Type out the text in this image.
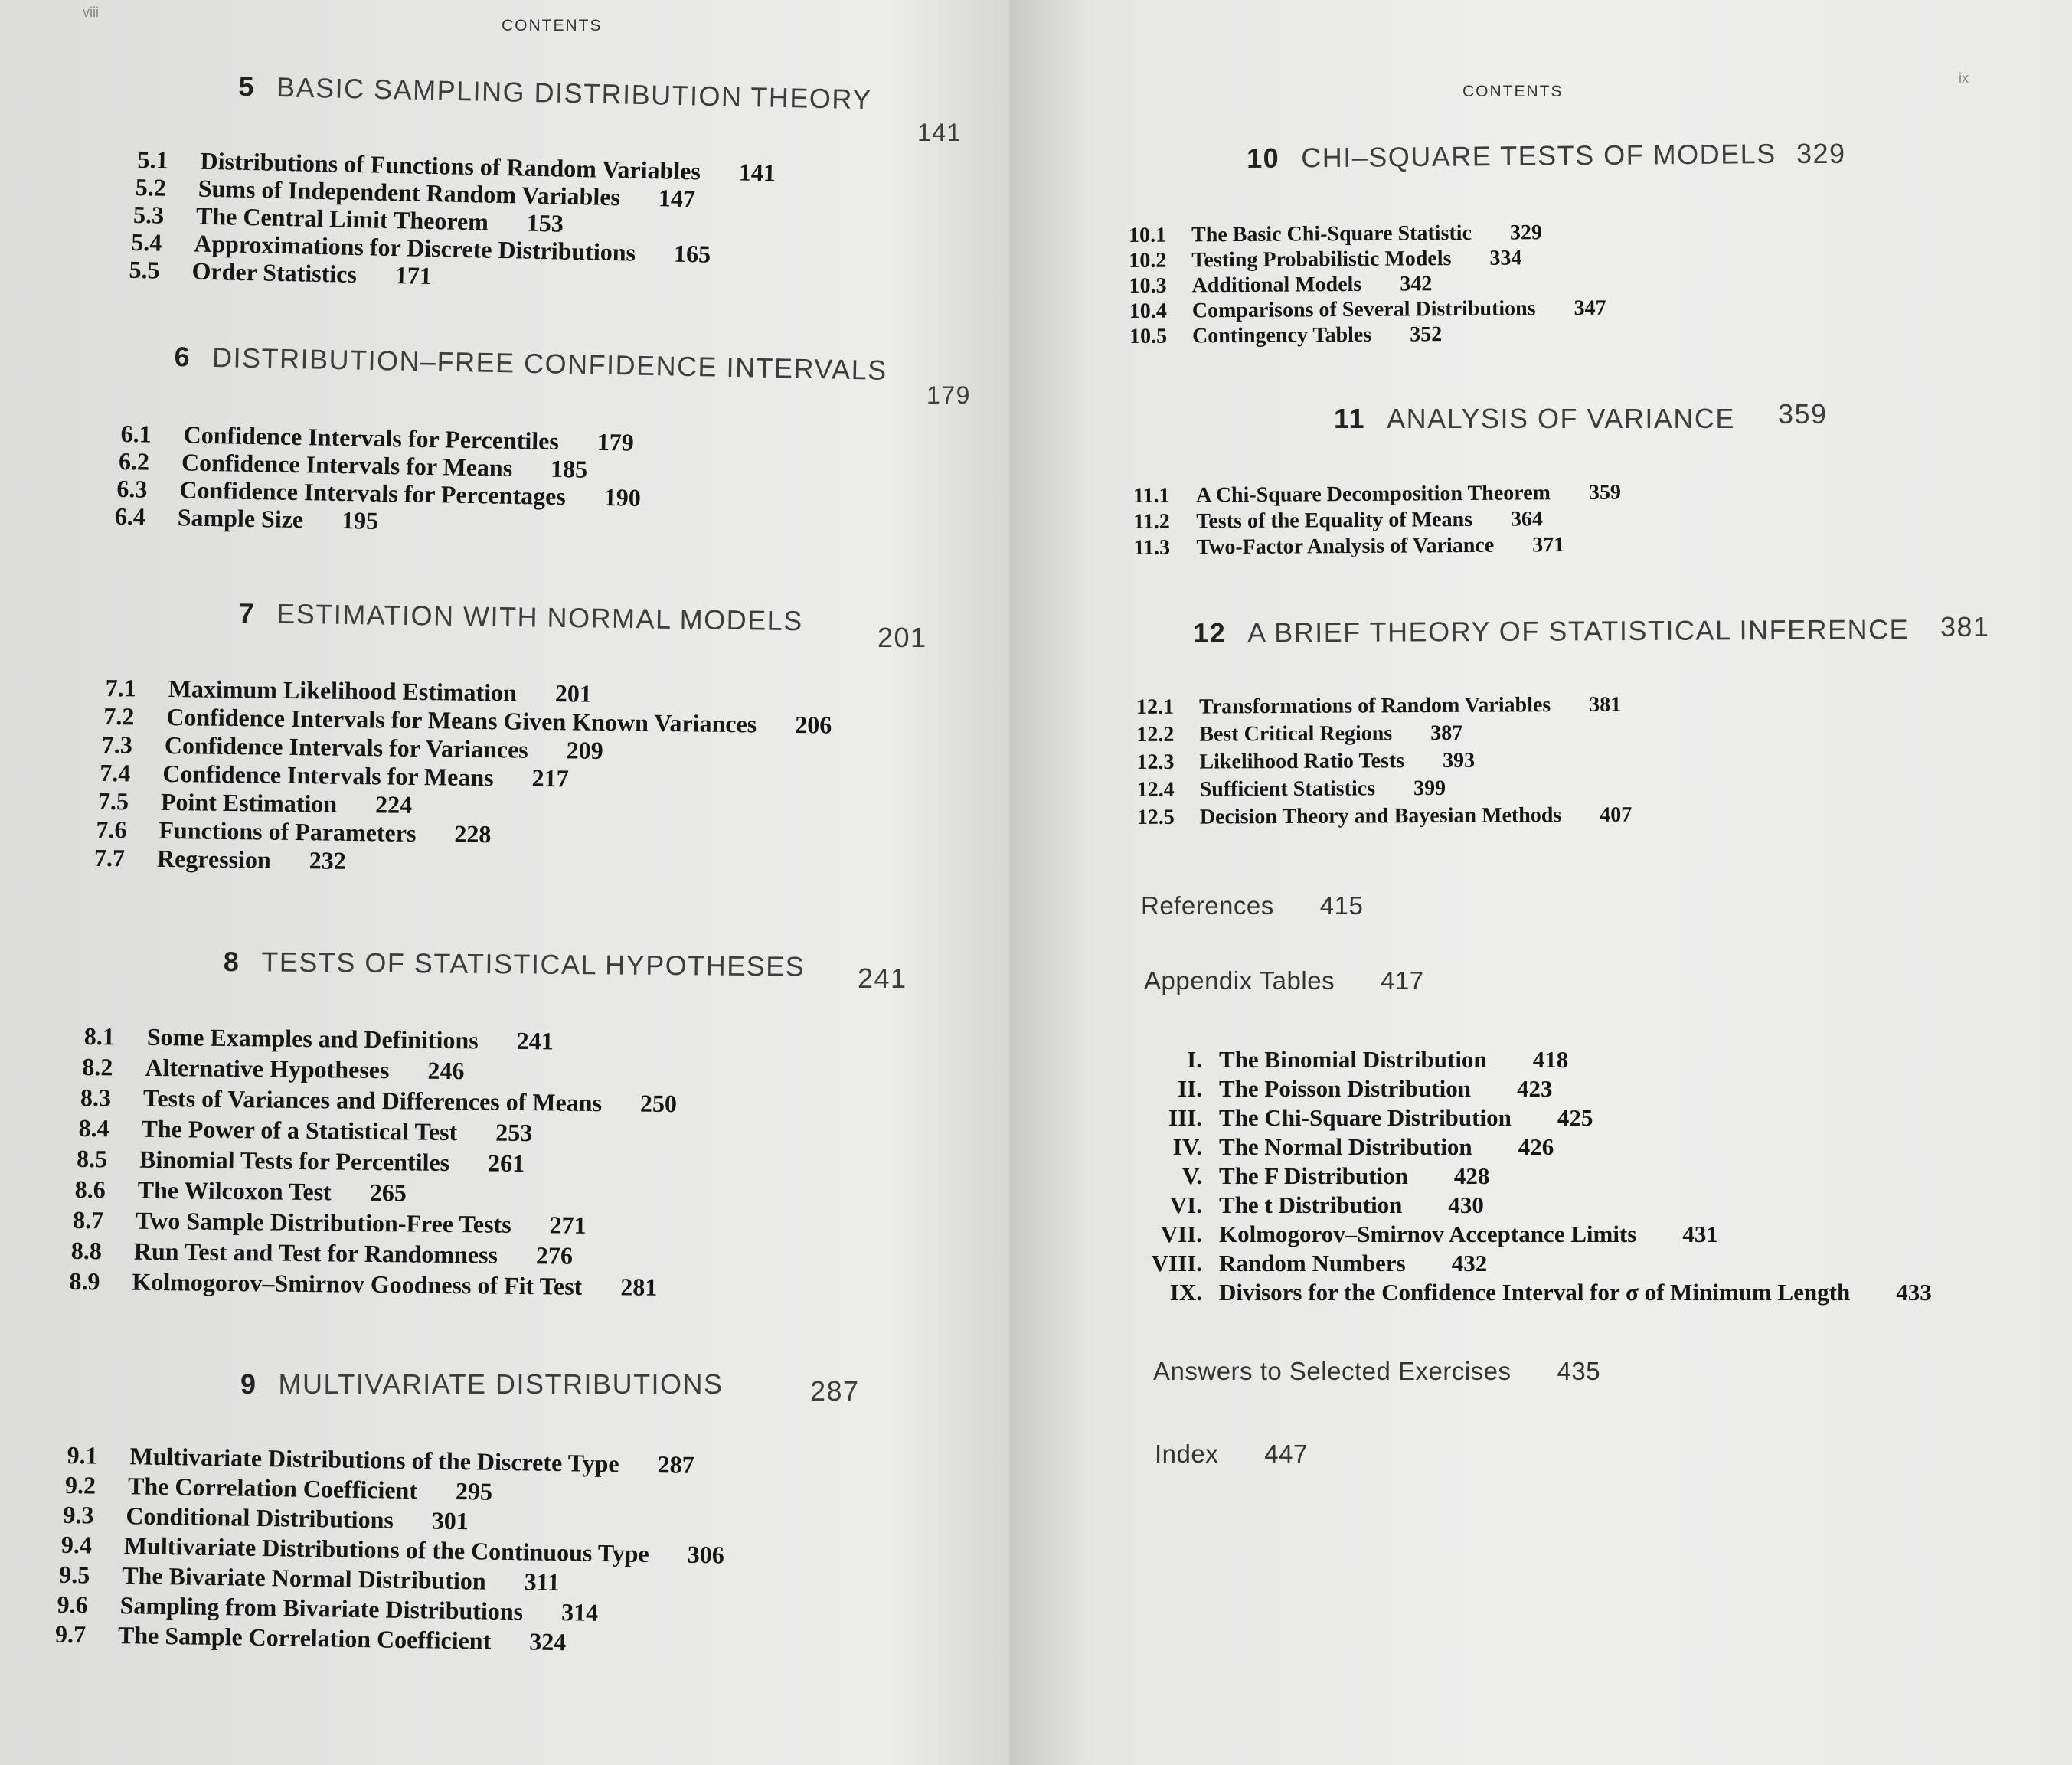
viii
CONTENTS
5 BASIC SAMPLING DISTRIBUTION THEORY
141
5.1 Distributions of Functions of Random Variables 141
5.2 Sums of Independent Random Variables 147
5.3 The Central Limit Theorem 153
5.4 Approximations for Discrete Distributions 165
5.5 Order Statistics 171
6 DISTRIBUTION–FREE CONFIDENCE INTERVALS
179
6.1 Confidence Intervals for Percentiles 179
6.2 Confidence Intervals for Means 185
6.3 Confidence Intervals for Percentages 190
6.4 Sample Size 195
7 ESTIMATION WITH NORMAL MODELS
201
7.1 Maximum Likelihood Estimation 201
7.2 Confidence Intervals for Means Given Known Variances 206
7.3 Confidence Intervals for Variances 209
7.4 Confidence Intervals for Means 217
7.5 Point Estimation 224
7.6 Functions of Parameters 228
7.7 Regression 232
8 TESTS OF STATISTICAL HYPOTHESES 241
8.1 Some Examples and Definitions 241
8.2 Alternative Hypotheses 246
8.3 Tests of Variances and Differences of Means 250
8.4 The Power of a Statistical Test 253
8.5 Binomial Tests for Percentiles 261
8.6 The Wilcoxon Test 265
8.7 Two Sample Distribution-Free Tests 271
8.8 Run Test and Test for Randomness 276
8.9 Kolmogorov–Smirnov Goodness of Fit Test 281
9 MULTIVARIATE DISTRIBUTIONS	287
9.1 Multivariate Distributions of the Discrete Type 287
9.2 The Correlation Coefficient 295
9.3 Conditional Distributions 301
9.4 Multivariate Distributions of the Continuous Type 306
9.5 The Bivariate Normal Distribution 311
9.6 Sampling from Bivariate Distributions 314
9.7 The Sample Correlation Coefficient 324
CONTENTS
ix
10 CHI–SQUARE TESTS OF MODELS 329
10.1 The Basic Chi-Square Statistic 329
10.2 Testing Probabilistic Models 334
10.3 Additional Models 342
10.4 Comparisons of Several Distributions 347
10.5 Contingency Tables 352
11 ANALYSIS OF VARIANCE 359
11.1 A Chi-Square Decomposition Theorem 359
11.2 Tests of the Equality of Means 364
11.3 Two-Factor Analysis of Variance 371
12 A BRIEF THEORY OF STATISTICAL INFERENCE 381
12.1 Transformations of Random Variables 381
12.2 Best Critical Regions 387
12.3 Likelihood Ratio Tests 393
12.4 Sufficient Statistics 399
12.5 Decision Theory and Bayesian Methods 407
References 415
Appendix Tables 417
I. The Binomial Distribution 418
II. The Poisson Distribution 423
III. The Chi-Square Distribution 425
IV. The Normal Distribution 426
V. The F Distribution 428
VI. The t Distribution 430
VII. Kolmogorov–Smirnov Acceptance Limits 431
VIII. Random Numbers 432
IX. Divisors for the Confidence Interval for σ of Minimum Length 433
Answers to Selected Exercises 435
Index 447
